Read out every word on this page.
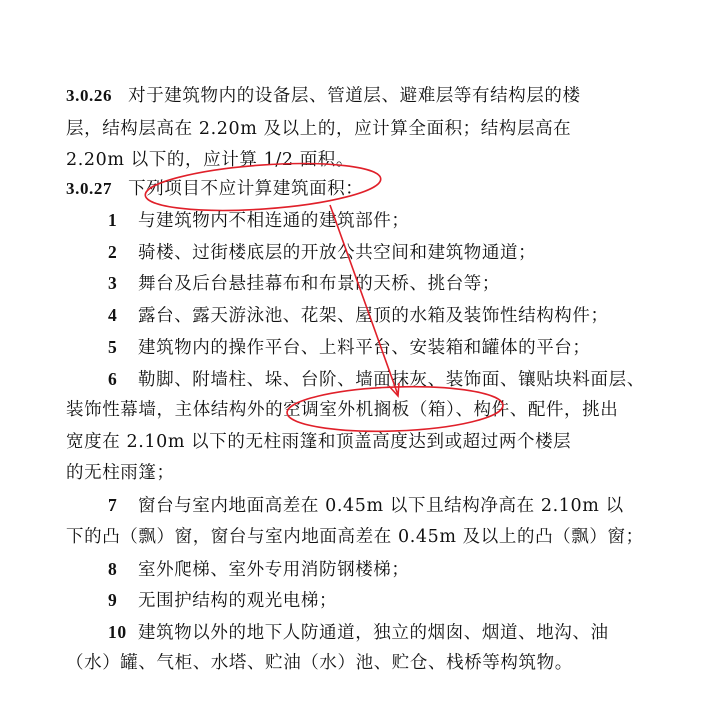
3.0.26 对于建筑物内的设备层、管道层、避难层等有结构层的楼
层，结构层高在 2.20m 及以上的，应计算全面积；结构层高在
2.20m 以下的，应计算 1/2 面积。
3.0.27 下列项目不应计算建筑面积：
1 与建筑物内不相连通的建筑部件；
2 骑楼、过街楼底层的开放公共空间和建筑物通道；
3 舞台及后台悬挂幕布和布景的天桥、挑台等；
4 露台、露天游泳池、花架、屋顶的水箱及装饰性结构构件；
5 建筑物内的操作平台、上料平台、安装箱和罐体的平台；
6 勒脚、附墙柱、垛、台阶、墙面抹灰、装饰面、镶贴块料面层、
装饰性幕墙，主体结构外的空调室外机搁板（箱）、构件、配件，挑出
宽度在 2.10m 以下的无柱雨篷和顶盖高度达到或超过两个楼层
的无柱雨篷；
7 窗台与室内地面高差在 0.45m 以下且结构净高在 2.10m 以
下的凸（飘）窗，窗台与室内地面高差在 0.45m 及以上的凸（飘）窗；
8 室外爬梯、室外专用消防钢楼梯；
9 无围护结构的观光电梯；
10 建筑物以外的地下人防通道，独立的烟囱、烟道、地沟、油
（水）罐、气柜、水塔、贮油（水）池、贮仓、栈桥等构筑物。
